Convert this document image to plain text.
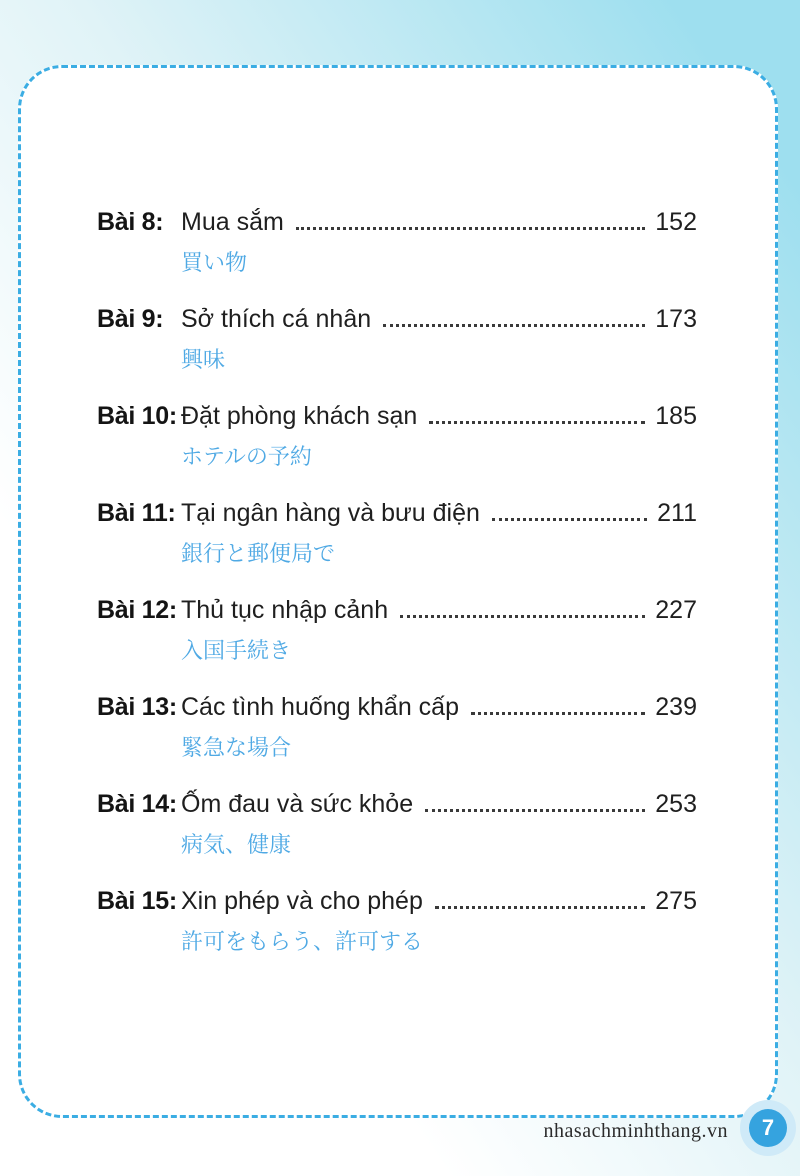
Bài 8: Mua sắm	152
買い物
Bài 9: Sở thích cá nhân	173
興味
Bài 10: Đặt phòng khách sạn	185
ホテルの予約
Bài 11: Tại ngân hàng và bưu điện	211
銀行と郵便局で
Bài 12: Thủ tục nhập cảnh	227
入国手続き
Bài 13: Các tình huống khẩn cấp	239
緊急な場合
Bài 14: Ốm đau và sức khỏe	253
病気、健康
Bài 15: Xin phép và cho phép	275
許可をもらう、許可する
nhasachminhthang.vn	7
